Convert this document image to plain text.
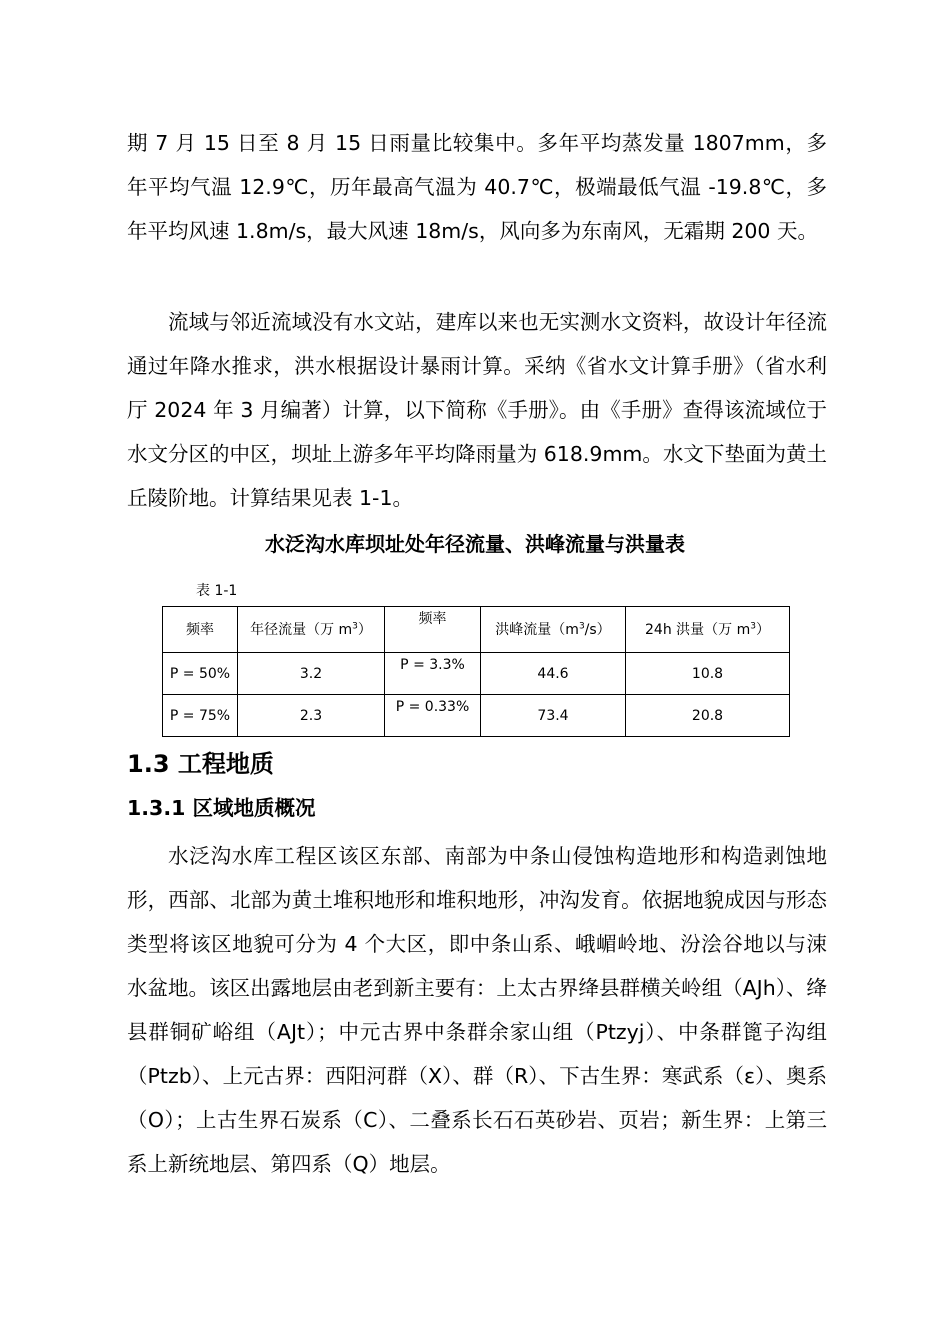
期 7 月 15 日至 8 月 15 日雨量比较集中。多年平均蒸发量 1807mm，多年平均气温 12.9℃，历年最高气温为 40.7℃，极端最低气温 -19.8℃，多年平均风速 1.8m/s，最大风速 18m/s，风向多为东南风，无霜期 200 天。

流域与邻近流域没有水文站，建库以来也无实测水文资料，故设计年径流通过年降水推求，洪水根据设计暴雨计算。采纳《省水文计算手册》（省水利厅 2024 年 3 月编著）计算，以下简称《手册》。由《手册》查得该流域位于水文分区的中区，坝址上游多年平均降雨量为 618.9mm。水文下垫面为黄土丘陵阶地。计算结果见表 1-1。

水泛沟水库坝址处年径流量、洪峰流量与洪量表

表 1-1

频率	年径流量（万 $m^3$）	频率	洪峰流量$(m^3/s)$	24h 洪量（万 $m^3$）
P = 50%	3.2	P = 3.3%	44.6	10.8
P = 75%	2.3	P = 0.33%	73.4	20.8
1.3 工程地质
1.3.1 区域地质概况

水泛沟水库工程区该区东部、南部为中条山侵蚀构造地形和构造剥蚀地形，西部、北部为黄土堆积地形和堆积地形，冲沟发育。依据地貌成因与形态类型将该区地貌可分为 4 个大区，即中条山系、峨嵋岭地、汾浍谷地以与涑水盆地。该区出露地层由老到新主要有：上太古界绛县群横关岭组（AJh）、绛县群铜矿峪组（AJt）；中元古界中条群余家山组（Ptzyj）、中条群篦子沟组（Ptzb）、上元古界：西阳河群（X）、群（R）、下古生界：寒武系（ε）、奥系（O）；上古生界石炭系（C）、二叠系长石石英砂岩、页岩；新生界：上第三系上新统地层、第四系（Q）地层。
